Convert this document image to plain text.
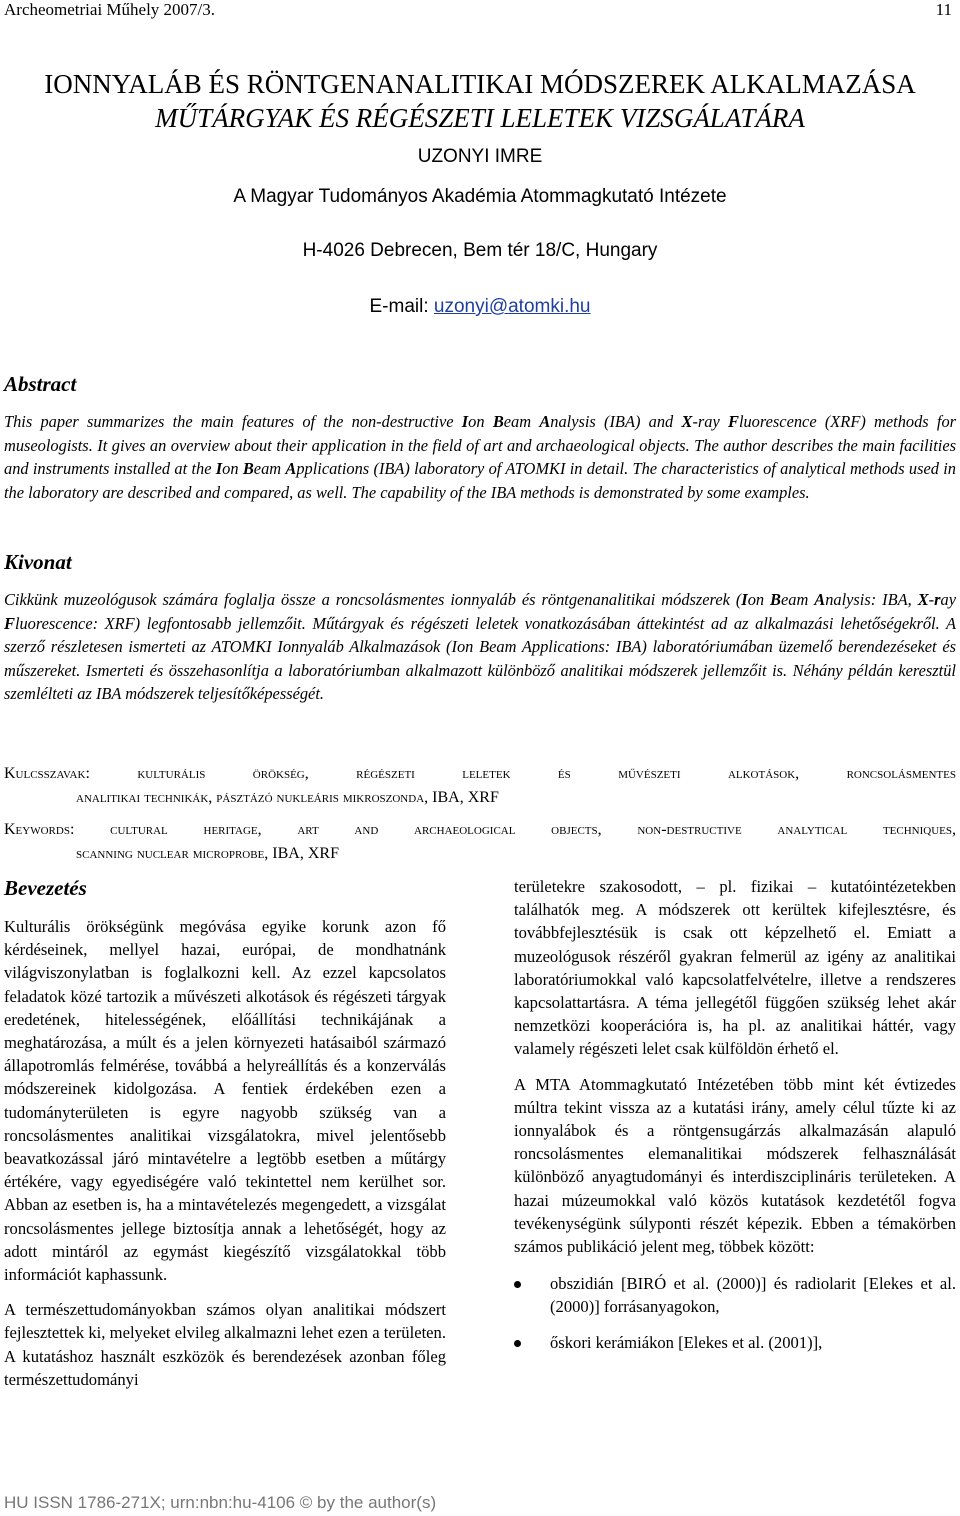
Archeometriai Műhely 2007/3.	11
IONNYALÁB ÉS RÖNTGENANALITIKAI MÓDSZEREK ALKALMAZÁSA
MŰTÁRGYAK ÉS RÉGÉSZETI LELETEK VIZSGÁLATÁRA
UZONYI IMRE
A Magyar Tudományos Akadémia Atommagkutató Intézete
H-4026 Debrecen, Bem tér 18/C, Hungary
E-mail: uzonyi@atomki.hu
Abstract
This paper summarizes the main features of the non-destructive Ion Beam Analysis (IBA) and X-ray Fluorescence (XRF) methods for museologists. It gives an overview about their application in the field of art and archaeological objects. The author describes the main facilities and instruments installed at the Ion Beam Applications (IBA) laboratory of ATOMKI in detail. The characteristics of analytical methods used in the laboratory are described and compared, as well. The capability of the IBA methods is demonstrated by some examples.
Kivonat
Cikkünk muzeológusok számára foglalja össze a roncsolásmentes ionnyaláb és röntgenanalitikai módszerek (Ion Beam Analysis: IBA, X-ray Fluorescence: XRF) legfontosabb jellemzőit. Műtárgyak és régészeti leletek vonatkozásában áttekintést ad az alkalmazási lehetőségekről. A szerző részletesen ismerteti az ATOMKI Ionnyaláb Alkalmazások (Ion Beam Applications: IBA) laboratóriumában üzemelő berendezéseket és műszereket. Ismerteti és összehasonlítja a laboratóriumban alkalmazott különböző analitikai módszerek jellemzőit is. Néhány példán keresztül szemlélteti az IBA módszerek teljesítőképességét.
Kulcsszavak: kulturális örökség, régészeti leletek és művészeti alkotások, roncsolásmentes
analitikai technikák, pásztázó nukleáris mikroszonda, IBA, XRF
Keywords: cultural heritage, art and archaeological objects, non-destructive analytical techniques,
scanning nuclear microprobe, IBA, XRF
Bevezetés

Kulturális örökségünk megóvása egyike korunk azon fő kérdéseinek, mellyel hazai, európai, de mondhatnánk világviszonylatban is foglalkozni kell. Az ezzel kapcsolatos feladatok közé tartozik a művészeti alkotások és régészeti tárgyak eredetének, hitelességének, előállítási technikájának a meghatározása, a múlt és a jelen környezeti hatásaiból származó állapotromlás felmérése, továbbá a helyreállítás és a konzerválás módszereinek kidolgozása. A fentiek érdekében ezen a tudományterületen is egyre nagyobb szükség van a roncsolásmentes analitikai vizsgálatokra, mivel jelentősebb beavatkozással járó mintavételre a legtöbb esetben a műtárgy értékére, vagy egyediségére való tekintettel nem kerülhet sor. Abban az esetben is, ha a mintavételezés megengedett, a vizsgálat roncsolásmentes jellege biztosítja annak a lehetőségét, hogy az adott mintáról az egymást kiegészítő vizsgálatokkal több információt kaphassunk.

A természettudományokban számos olyan analitikai módszert fejlesztettek ki, melyeket elvileg alkalmazni lehet ezen a területen. A kutatáshoz használt eszközök és berendezések azonban főleg természettudományi

területekre szakosodott, – pl. fizikai – kutatóintézetekben találhatók meg. A módszerek ott kerültek kifejlesztésre, és továbbfejlesztésük is csak ott képzelhető el. Emiatt a muzeológusok részéről gyakran felmerül az igény az analitikai laboratóriumokkal való kapcsolatfelvételre, illetve a rendszeres kapcsolattartásra. A téma jellegétől függően szükség lehet akár nemzetközi kooperációra is, ha pl. az analitikai háttér, vagy valamely régészeti lelet csak külföldön érhető el.

A MTA Atommagkutató Intézetében több mint két évtizedes múltra tekint vissza az a kutatási irány, amely célul tűzte ki az ionnyalábok és a röntgensugárzás alkalmazásán alapuló roncsolásmentes elemanalitikai módszerek felhasználását különböző anyagtudományi és interdiszciplináris területeken. A hazai múzeumokkal való közös kutatások kezdetétől fogva tevékenységünk súlyponti részét képezik. Ebben a témakörben számos publikáció jelent meg, többek között:

obszidián [BIRÓ et al. (2000)] és radiolarit [Elekes et al. (2000)] forrásanyagokon,
őskori kerámiákon [Elekes et al. (2001)],
HU ISSN 1786-271X; urn:nbn:hu-4106 © by the author(s)
